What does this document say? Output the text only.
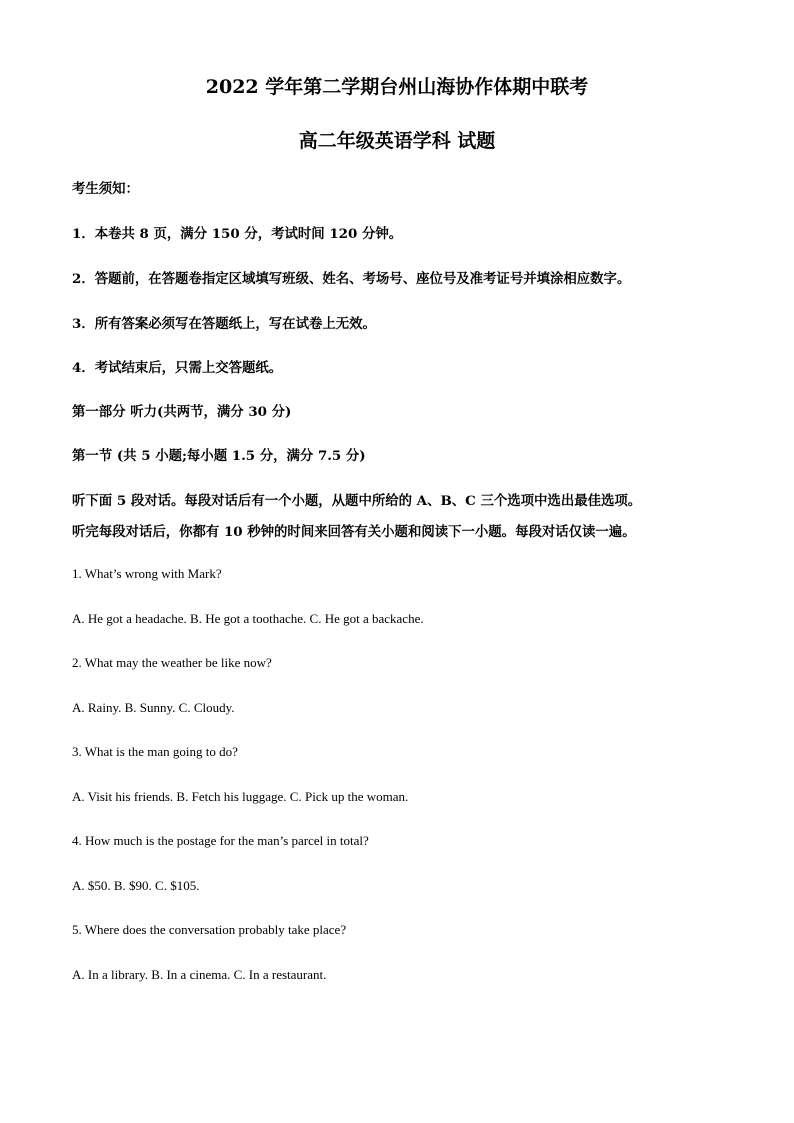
2022 学年第二学期台州山海协作体期中联考
高二年级英语学科 试题
考生须知：
1．本卷共 8 页，满分 150 分，考试时间 120 分钟。
2．答题前，在答题卷指定区域填写班级、姓名、考场号、座位号及准考证号并填涂相应数字。
3．所有答案必须写在答题纸上，写在试卷上无效。
4．考试结束后，只需上交答题纸。
第一部分 听力(共两节，满分 30 分)
第一节 (共 5 小题;每小题 1.5 分，满分 7.5 分)
听下面 5 段对话。每段对话后有一个小题，从题中所给的 A、B、C 三个选项中选出最佳选项。
听完每段对话后，你都有 10 秒钟的时间来回答有关小题和阅读下一小题。每段对话仅读一遍。
1. What’s wrong with Mark?
A. He got a headache. B. He got a toothache. C. He got a backache.
2. What may the weather be like now?
A. Rainy. B. Sunny. C. Cloudy.
3. What is the man going to do?
A. Visit his friends. B. Fetch his luggage. C. Pick up the woman.
4. How much is the postage for the man’s parcel in total?
A. $50. B. $90. C. $105.
5. Where does the conversation probably take place?
A. In a library. B. In a cinema. C. In a restaurant.
